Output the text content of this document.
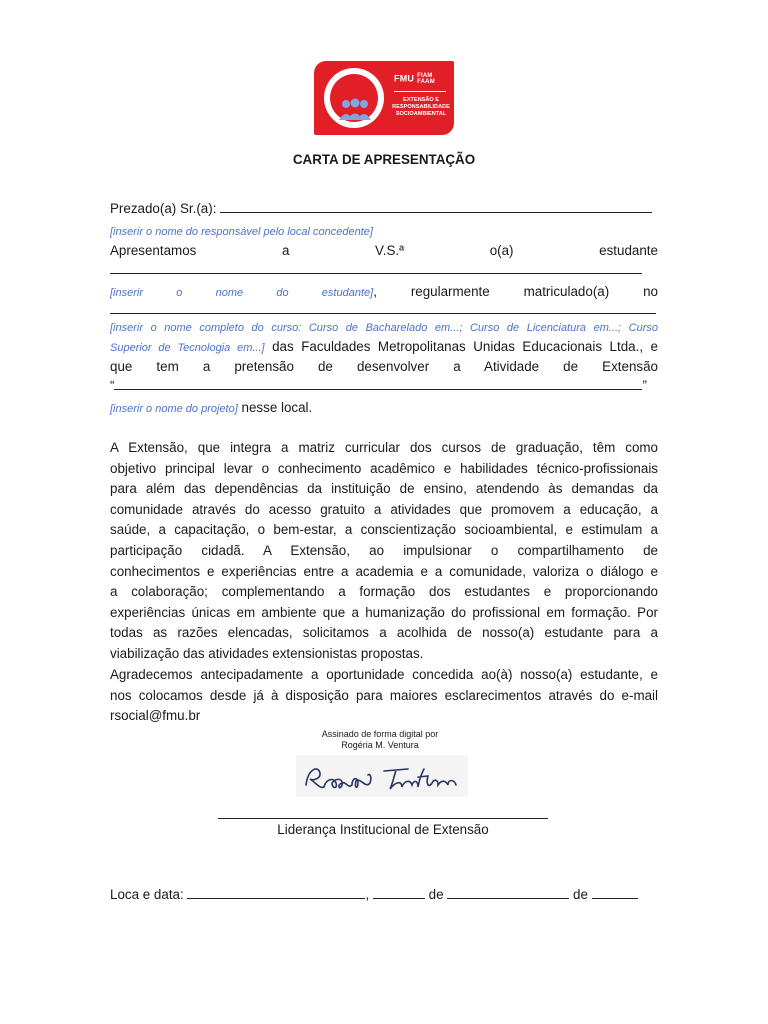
FMU FIAM
FAAM
EXTENSÃO E
RESPONSABILIDADE
SOCIOAMBIENTAL
CARTA DE APRESENTAÇÃO
Prezado(a) Sr.(a):
[inserir o nome do responsável pelo local concedente]
Apresentamos	a	V.S.ª	o(a)	estudante
[inserir o nome do estudante], regularmente matriculado(a) no
[inserir o nome completo do curso: Curso de Bacharelado em...; Curso de Licenciatura em...; Curso
Superior de Tecnologia em...] das Faculdades Metropolitanas Unidas Educacionais Ltda., e
que tem a pretensão de desenvolver a Atividade de Extensão
“	”
[inserir o nome do projeto] nesse local.
A Extensão, que integra a matriz curricular dos cursos de graduação, têm como
objetivo principal levar o conhecimento acadêmico e habilidades técnico-profissionais
para além das dependências da instituição de ensino, atendendo às demandas da
comunidade através do acesso gratuito a atividades que promovem a educação, a
saúde, a capacitação, o bem-estar, a conscientização socioambiental, e estimulam a
participação cidadã. A Extensão, ao impulsionar o compartilhamento de
conhecimentos e experiências entre a academia e a comunidade, valoriza o diálogo e
a colaboração; complementando a formação dos estudantes e proporcionando
experiências únicas em ambiente que a humanização do profissional em formação. Por
todas as razões elencadas, solicitamos a acolhida de nosso(a) estudante para a
viabilização das atividades extensionistas propostas.
Agradecemos antecipadamente a oportunidade concedida ao(à) nosso(a) estudante, e
nos colocamos desde já à disposição para maiores esclarecimentos através do e-mail
rsocial@fmu.br
Assinado de forma digital por
Rogéria M. Ventura
Liderança Institucional de Extensão
Loca e data:	,	de	de
